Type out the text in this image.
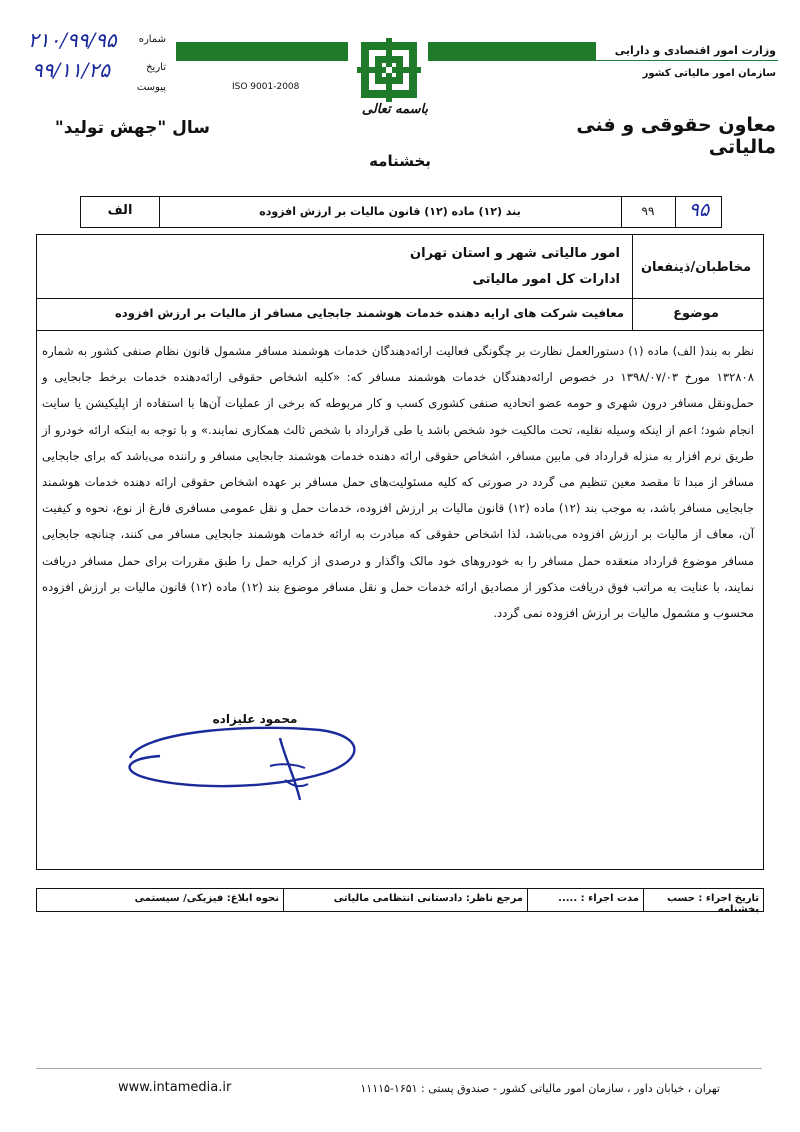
شماره
۲۱۰/۹۹/۹۵
تاریخ
۹۹/۱۱/۲۵
پیوست	ISO 9001-2008
باسمه تعالی
وزارت امور اقتصادی و دارایی
سازمان امور مالیاتی کشور
معاون حقوقی و فنی مالیاتی
سال "جهش تولید"
بخشنامه
الف	بند (۱۲) ماده (۱۲) قانون مالیات بر ارزش افزوده	۹۹	۹۵
مخاطبان/ذینفعان
امور مالیاتی شهر و استان تهران
ادارات کل امور مالیاتی
موضوع
معافیت شرکت های ارایه دهنده خدمات هوشمند جابجایی مسافر از مالیات بر ارزش افزوده
نظر به بند( الف) ماده (۱) دستورالعمل نظارت بر چگونگی فعالیت ارائه‌دهندگان خدمات هوشمند مسافر مشمول قانون نظام صنفی کشور به شماره ۱۳۲۸۰۸ مورخ ۱۳۹۸/۰۷/۰۳ در خصوص ارائه‌دهندگان خدمات هوشمند مسافر که: «کلیه اشخاص حقوقی ارائه‌دهنده خدمات برخط جابجایی و حمل‌ونقل مسافر درون شهری و حومه عضو اتحادیه صنفی کشوری کسب و کار مربوطه که برخی از عملیات آن‌ها با استفاده از اپلیکیشن یا سایت انجام شود؛ اعم از اینکه وسیله نقلیه، تحت مالکیت خود شخص باشد یا طی قرارداد با شخص ثالث همکاری نمایند.» و با توجه به اینکه ارائه خودرو از طریق نرم افزار به منزله قرارداد فی مابین مسافر، اشخاص حقوقی ارائه دهنده خدمات هوشمند جابجایی مسافر و راننده می‌باشد که برای جابجایی مسافر از مبدا تا مقصد معین تنظیم می گردد در صورتی که کلیه مسئولیت‌های حمل مسافر بر عهده اشخاص حقوقی ارائه دهنده خدمات هوشمند جابجایی مسافر باشد، به موجب بند (۱۲) ماده (۱۲) قانون مالیات بر ارزش افزوده، خدمات حمل و نقل عمومی مسافری فارغ از نوع، نحوه و کیفیت آن، معاف از مالیات بر ارزش افزوده می‌باشد، لذا اشخاص حقوقی که مبادرت به ارائه خدمات هوشمند جابجایی مسافر می کنند، چنانچه جابجایی مسافر موضوع قرارداد منعقده حمل مسافر را به خودروهای خود مالک واگذار و درصدی از کرایه حمل را طبق مقررات برای حمل مسافر دریافت نمایند، با عنایت به مراتب فوق دریافت مذکور از مصادیق ارائه خدمات حمل و نقل مسافر موضوع بند (۱۲) ماده (۱۲) قانون مالیات بر ارزش افزوده محسوب و مشمول مالیات بر ارزش افزوده نمی گردد.
محمود علیزاده
تاریخ اجراء : حسب بخشنامه
مدت اجراء : .....
مرجع ناظر: دادستانی انتظامی مالیاتی
نحوه ابلاغ: فیزیکی/ سیستمی
تهران ، خیابان داور ، سازمان امور مالیاتی کشور - صندوق پستی : ۱۶۵۱-۱۱۱۱۵
www.intamedia.ir
